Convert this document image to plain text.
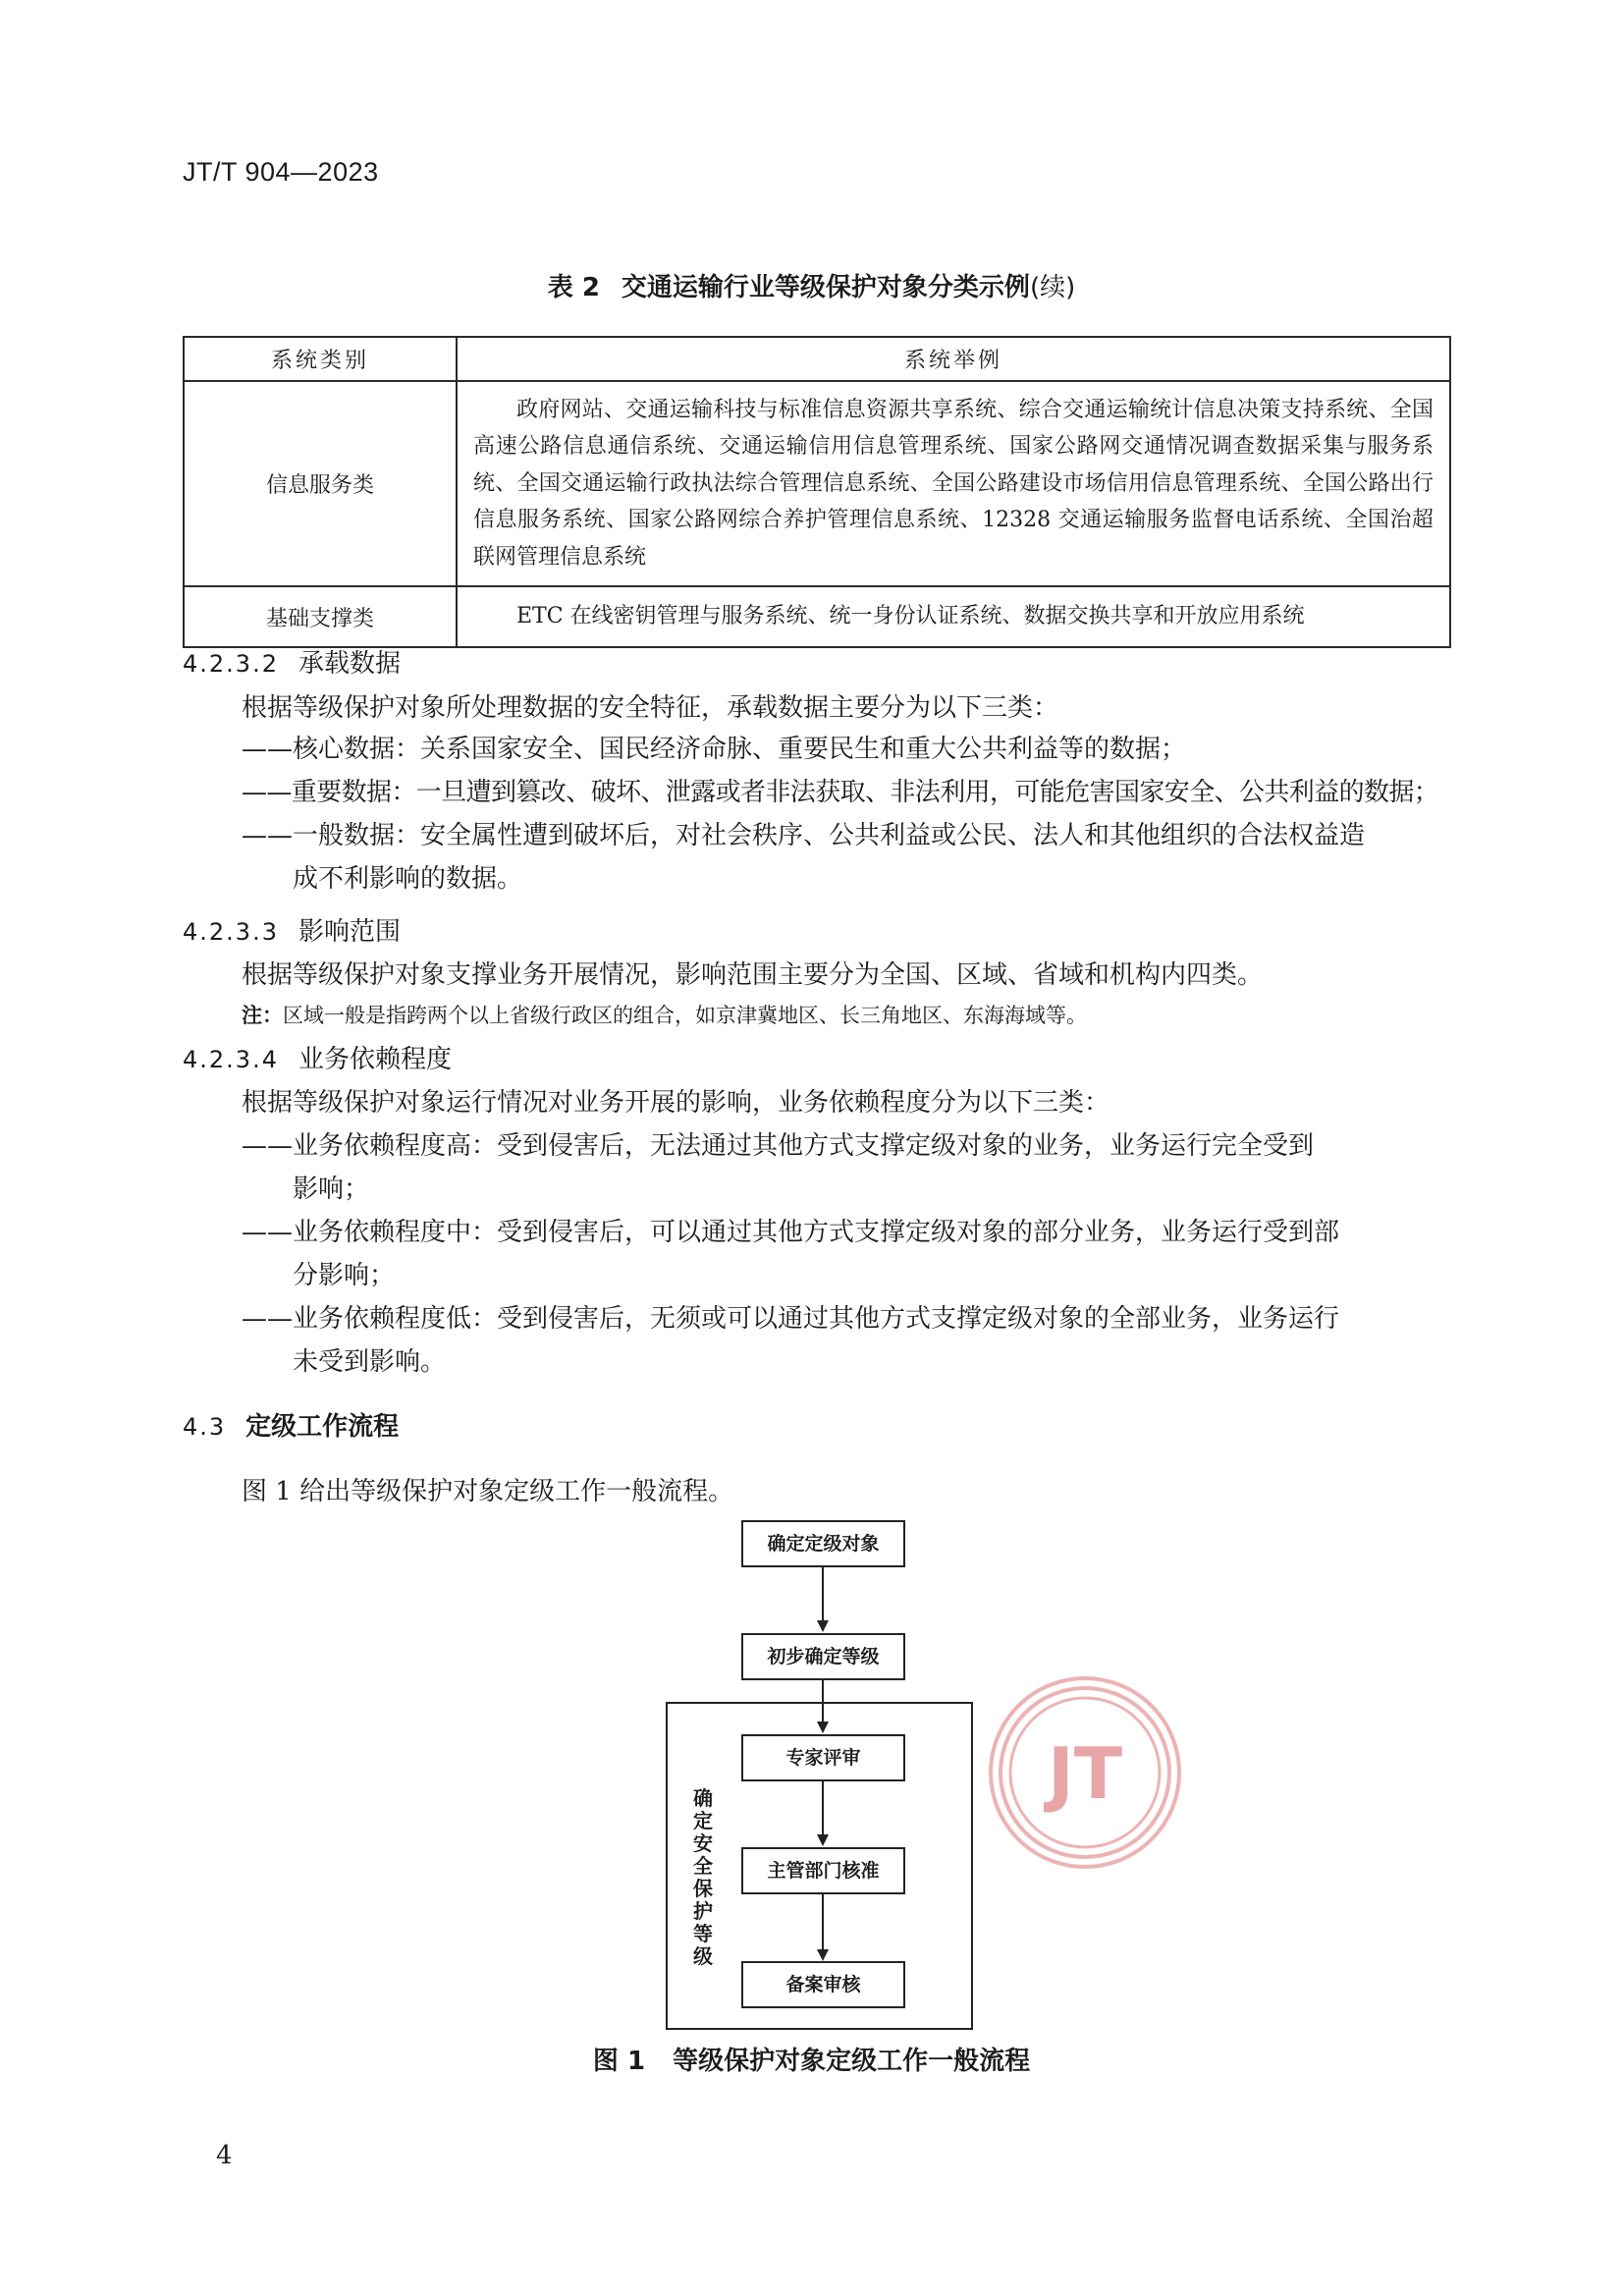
JT/T 904—2023
表 2 交通运输行业等级保护对象分类示例(续)
系统类别	系统举例
信息服务类	政府网站、交通运输科技与标准信息资源共享系统、综合交通运输统计信息决策支持系统、全国高速公路信息通信系统、交通运输信用信息管理系统、国家公路网交通情况调查数据采集与服务系统、全国交通运输行政执法综合管理信息系统、全国公路建设市场信用信息管理系统、全国公路出行信息服务系统、国家公路网综合养护管理信息系统、12328 交通运输服务监督电话系统、全国治超联网管理信息系统
基础支撑类	ETC 在线密钥管理与服务系统、统一身份认证系统、数据交换共享和开放应用系统
4.2.3.2 承载数据
根据等级保护对象所处理数据的安全特征，承载数据主要分为以下三类：
——核心数据：关系国家安全、国民经济命脉、重要民生和重大公共利益等的数据；
——重要数据：一旦遭到篡改、破坏、泄露或者非法获取、非法利用，可能危害国家安全、公共利益的数据；
——一般数据：安全属性遭到破坏后，对社会秩序、公共利益或公民、法人和其他组织的合法权益造
成不利影响的数据。
4.2.3.3 影响范围
根据等级保护对象支撑业务开展情况，影响范围主要分为全国、区域、省域和机构内四类。
注：区域一般是指跨两个以上省级行政区的组合，如京津冀地区、长三角地区、东海海域等。
4.2.3.4 业务依赖程度
根据等级保护对象运行情况对业务开展的影响，业务依赖程度分为以下三类：
——业务依赖程度高：受到侵害后，无法通过其他方式支撑定级对象的业务，业务运行完全受到
影响；
——业务依赖程度中：受到侵害后，可以通过其他方式支撑定级对象的部分业务，业务运行受到部
分影响；
——业务依赖程度低：受到侵害后，无须或可以通过其他方式支撑定级对象的全部业务，业务运行
未受到影响。
4.3 定级工作流程
图 1 给出等级保护对象定级工作一般流程。
JT
确定定级对象
初步确定等级
确定安全保护等级
专家评审
主管部门核准
备案审核
图 1 等级保护对象定级工作一般流程
4
